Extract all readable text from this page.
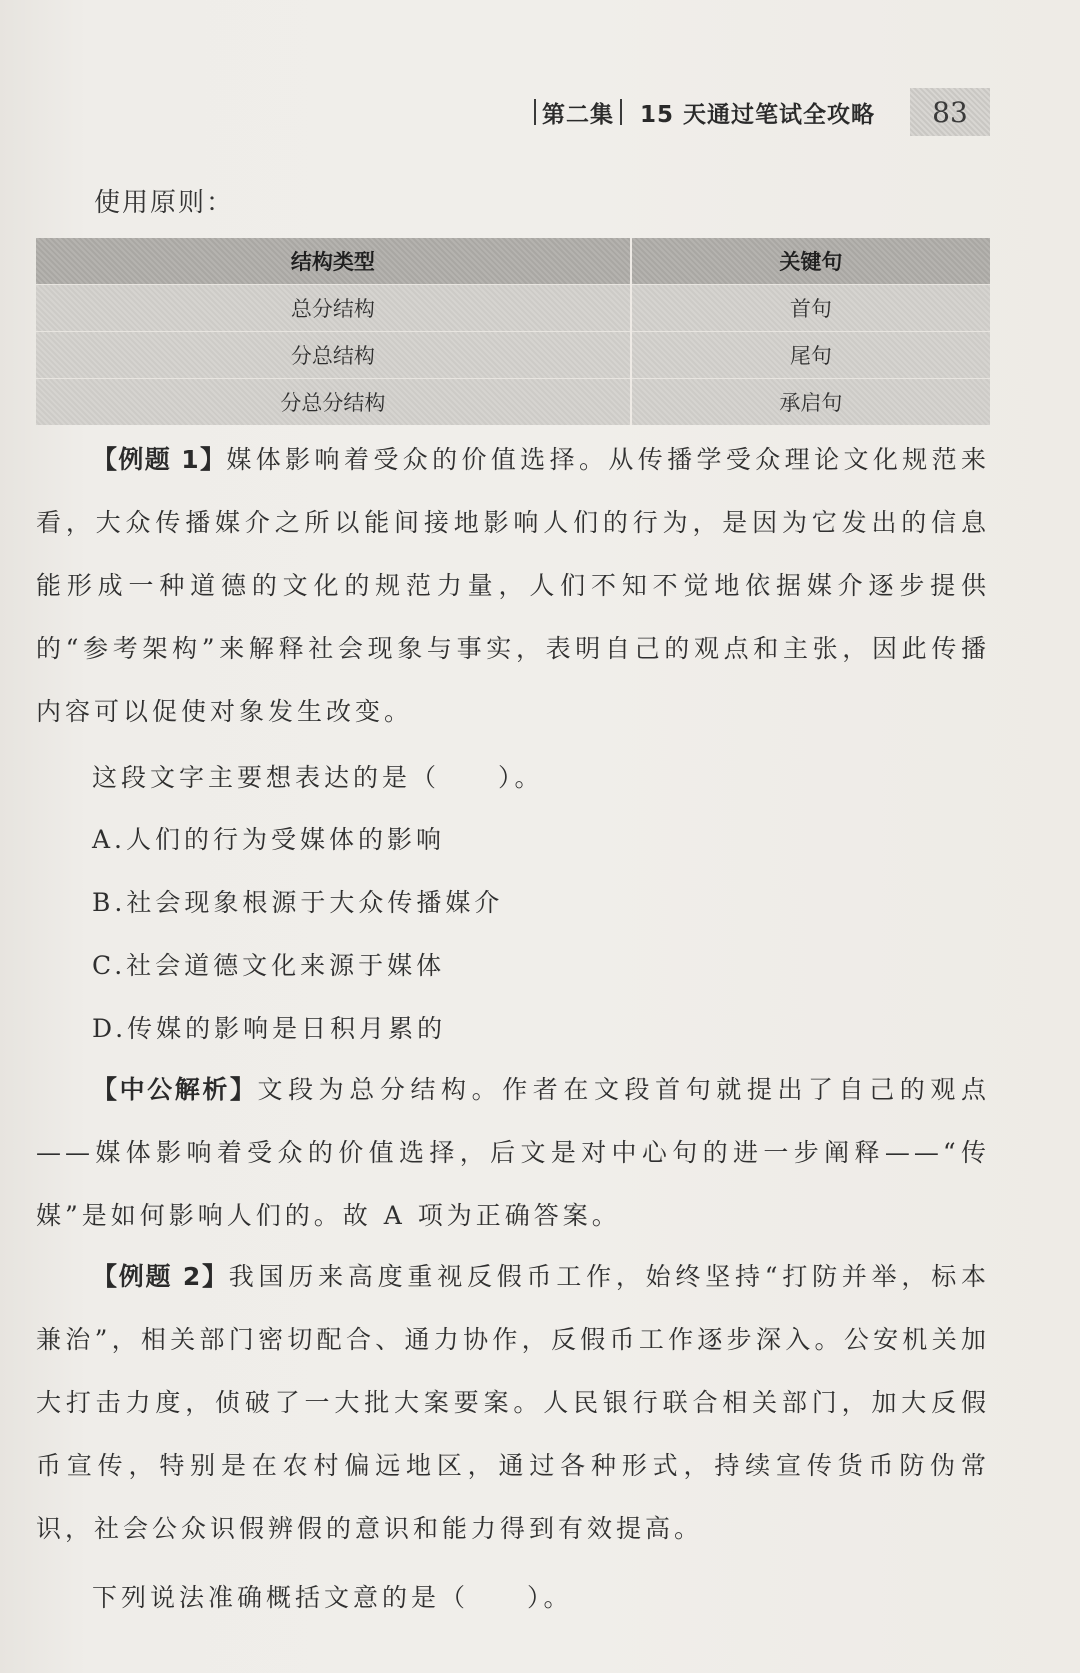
第二集 15 天通过笔试全攻略 83
使用原则：
结构类型	关键句
总分结构	首句
分总结构	尾句
分总分结构	承启句

【例题 1】媒体影响着受众的价值选择。从传播学受众理论文化规范来看，大众传播媒介之所以能间接地影响人们的行为，是因为它发出的信息能形成一种道德的文化的规范力量，人们不知不觉地依据媒介逐步提供的“参考架构”来解释社会现象与事实，表明自己的观点和主张，因此传播内容可以促使对象发生改变。

这段文字主要想表达的是（　　）。
A.人们的行为受媒体的影响
B.社会现象根源于大众传播媒介
C.社会道德文化来源于媒体
D.传媒的影响是日积月累的

【中公解析】文段为总分结构。作者在文段首句就提出了自己的观点——媒体影响着受众的价值选择，后文是对中心句的进一步阐释——“传媒”是如何影响人们的。故 A 项为正确答案。

【例题 2】我国历来高度重视反假币工作，始终坚持“打防并举，标本兼治”，相关部门密切配合、通力协作，反假币工作逐步深入。公安机关加大打击力度，侦破了一大批大案要案。人民银行联合相关部门，加大反假币宣传，特别是在农村偏远地区，通过各种形式，持续宣传货币防伪常识，社会公众识假辨假的意识和能力得到有效提高。

下列说法准确概括文意的是（　　）。
